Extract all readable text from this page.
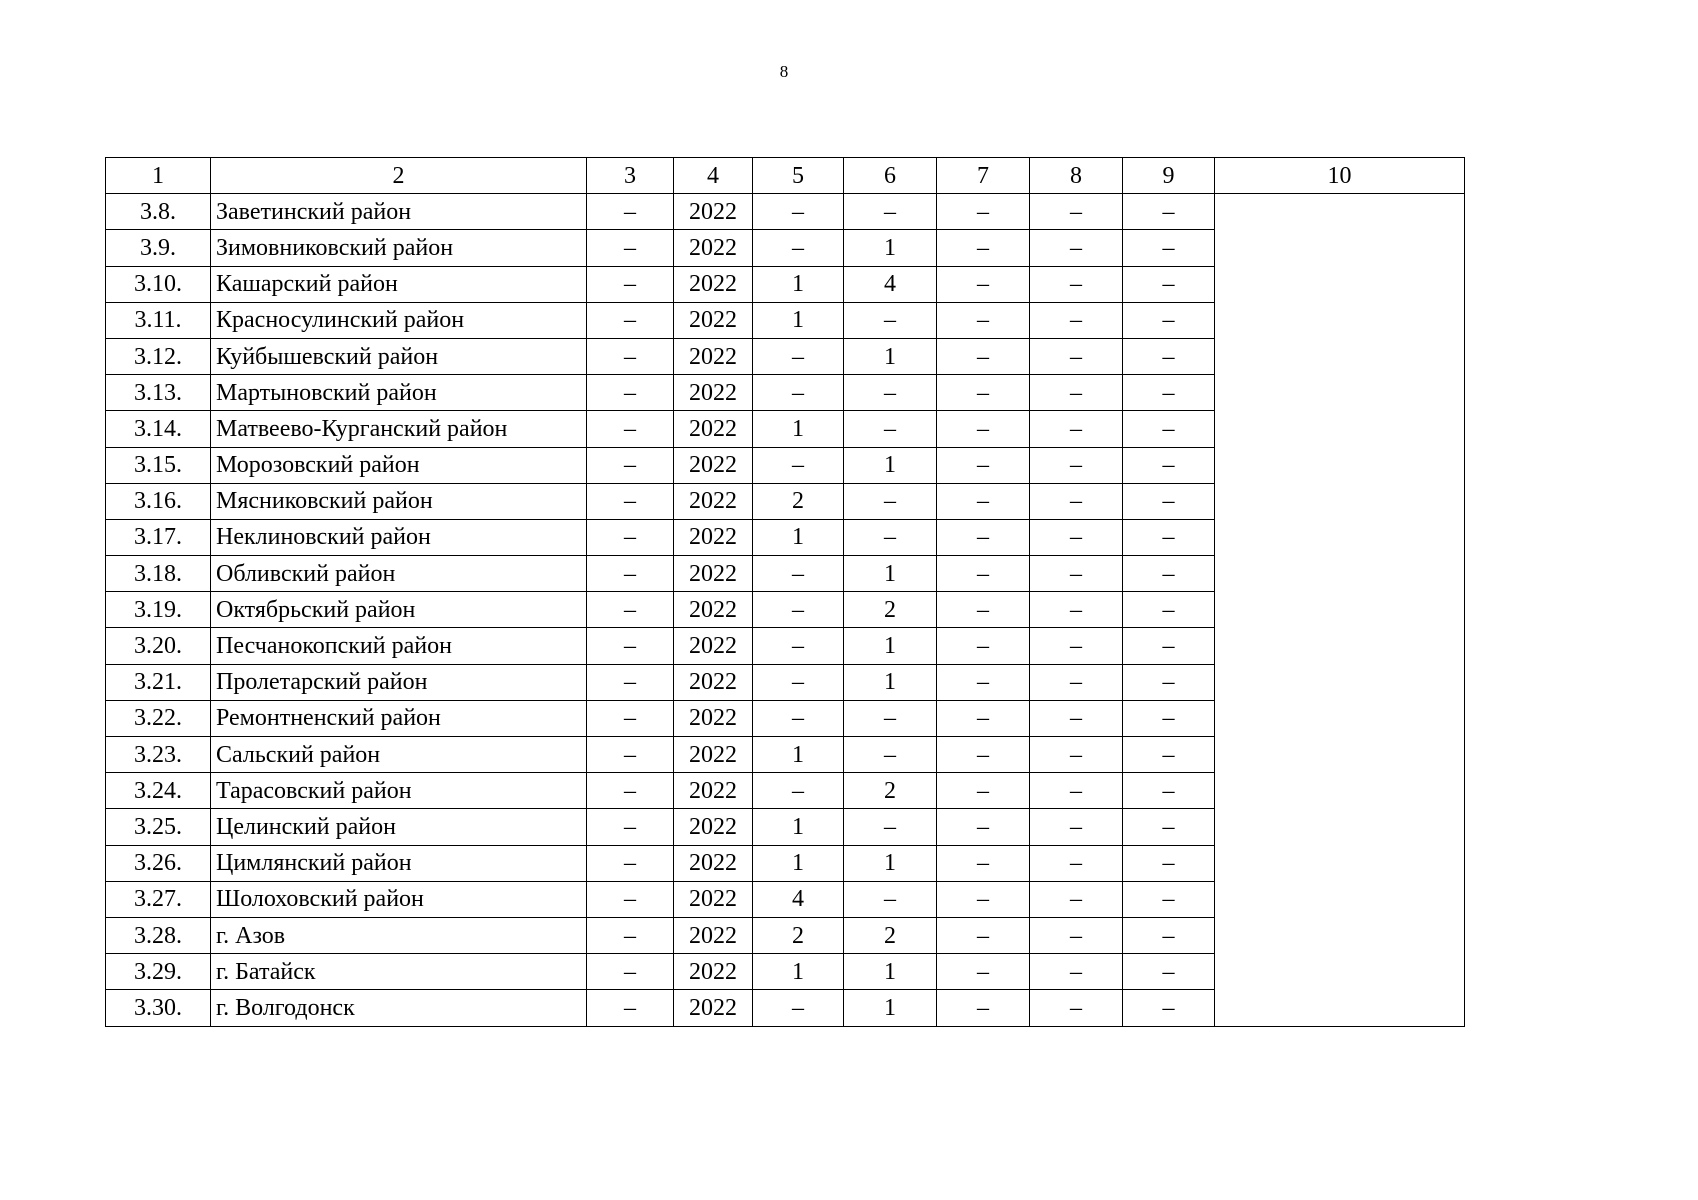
8
1	2	3	4	5	6	7	8	9	10
3.8.	Заветинский район	–	2022	–	–	–	–	–	
3.9.	Зимовниковский район	–	2022	–	1	–	–	–	
3.10.	Кашарский район	–	2022	1	4	–	–	–	
3.11.	Красносулинский район	–	2022	1	–	–	–	–	
3.12.	Куйбышевский район	–	2022	–	1	–	–	–	
3.13.	Мартыновский район	–	2022	–	–	–	–	–	
3.14.	Матвеево-Курганский район	–	2022	1	–	–	–	–	
3.15.	Морозовский район	–	2022	–	1	–	–	–	
3.16.	Мясниковский район	–	2022	2	–	–	–	–	
3.17.	Неклиновский район	–	2022	1	–	–	–	–	
3.18.	Обливский район	–	2022	–	1	–	–	–	
3.19.	Октябрьский район	–	2022	–	2	–	–	–	
3.20.	Песчанокопский район	–	2022	–	1	–	–	–	
3.21.	Пролетарский район	–	2022	–	1	–	–	–	
3.22.	Ремонтненский район	–	2022	–	–	–	–	–	
3.23.	Сальский район	–	2022	1	–	–	–	–	
3.24.	Тарасовский район	–	2022	–	2	–	–	–	
3.25.	Целинский район	–	2022	1	–	–	–	–	
3.26.	Цимлянский район	–	2022	1	1	–	–	–	
3.27.	Шолоховский район	–	2022	4	–	–	–	–	
3.28.	г. Азов	–	2022	2	2	–	–	–	
3.29.	г. Батайск	–	2022	1	1	–	–	–	
3.30.	г. Волгодонск	–	2022	–	1	–	–	–	
